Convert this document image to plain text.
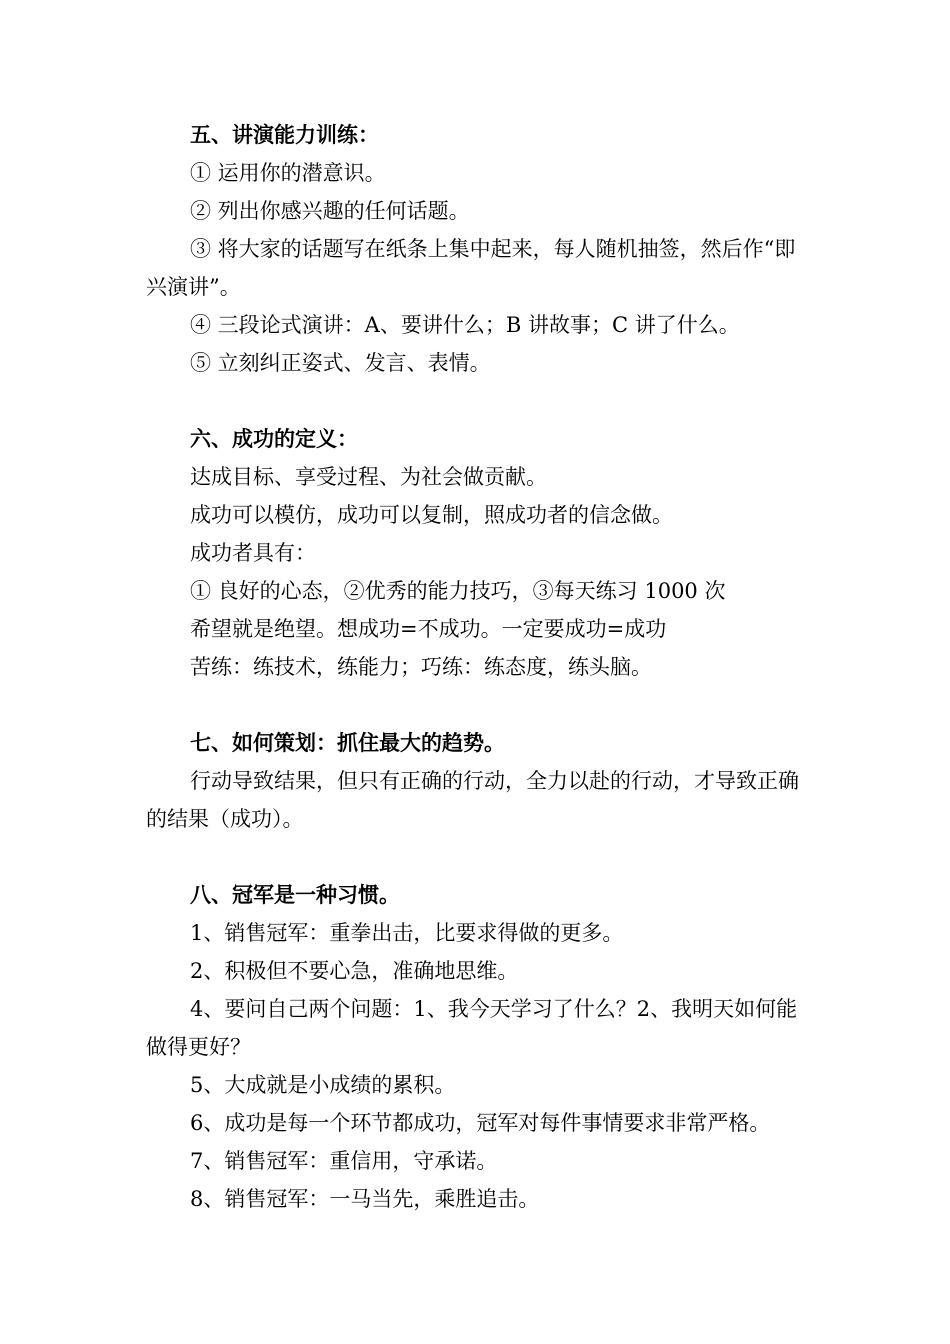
五、讲演能力训练：
① 运用你的潜意识。
② 列出你感兴趣的任何话题。
③ 将大家的话题写在纸条上集中起来，每人随机抽签，然后作“即兴演讲”。
④ 三段论式演讲：A、要讲什么；B 讲故事；C 讲了什么。
⑤ 立刻纠正姿式、发言、表情。
六、成功的定义：
达成目标、享受过程、为社会做贡献。
成功可以模仿，成功可以复制，照成功者的信念做。
成功者具有：
① 良好的心态，②优秀的能力技巧，③每天练习 1000 次
希望就是绝望。想成功=不成功。一定要成功=成功
苦练：练技术，练能力；巧练：练态度，练头脑。
七、如何策划：抓住最大的趋势。
行动导致结果，但只有正确的行动，全力以赴的行动，才导致正确的结果（成功）。
八、冠军是一种习惯。
1、销售冠军：重拳出击，比要求得做的更多。
2、积极但不要心急，准确地思维。
4、要问自己两个问题：1、我今天学习了什么？2、我明天如何能做得更好？
5、大成就是小成绩的累积。
6、成功是每一个环节都成功，冠军对每件事情要求非常严格。
7、销售冠军：重信用，守承诺。
8、销售冠军：一马当先，乘胜追击。
